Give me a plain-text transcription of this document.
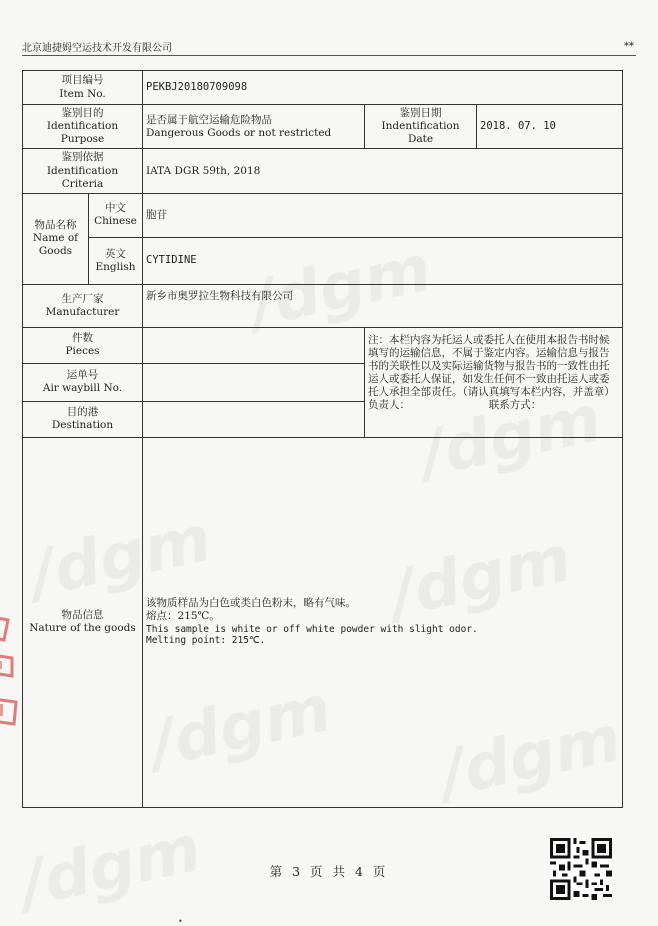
北京迪捷姆空运技术开发有限公司	**
项目编号
Item No.		PEKBJ20180709098		

鉴别目的
Identification Purpose		是否属于航空运输危险物品
Dangerous Goods or not restricted	鉴别日期
Indentification Date	2018. 07. 10

鉴别依据
Identification Criteria		IATA DGR 59th, 2018		

物品名称
Name of
Goods	中文
Chinese	胞苷		

	英文
English	CYTIDINE		

生产厂家
Manufacturer		新乡市奥罗拉生物科技有限公司		

件数
Pieces			注：本栏内容为托运人或委托人在使用本报告书时候填写的运输信息，不属于鉴定内容。运输信息与报告书的关联性以及实际运输货物与报告书的一致性由托运人或委托人保证，如发生任何不一致由托运人或委托人承担全部责任。（请认真填写本栏内容，并盖章）
负责人： 联系方式：	

运单号
Air waybill No.				

目的港
Destination				

物品信息
Nature of the goods		该物质样品为白色或类白色粉末，略有气味。
熔点：215℃。
This sample is white or off white powder with slight odor.
Melting point: 215℃.		
第 3 页 共 4 页
•
